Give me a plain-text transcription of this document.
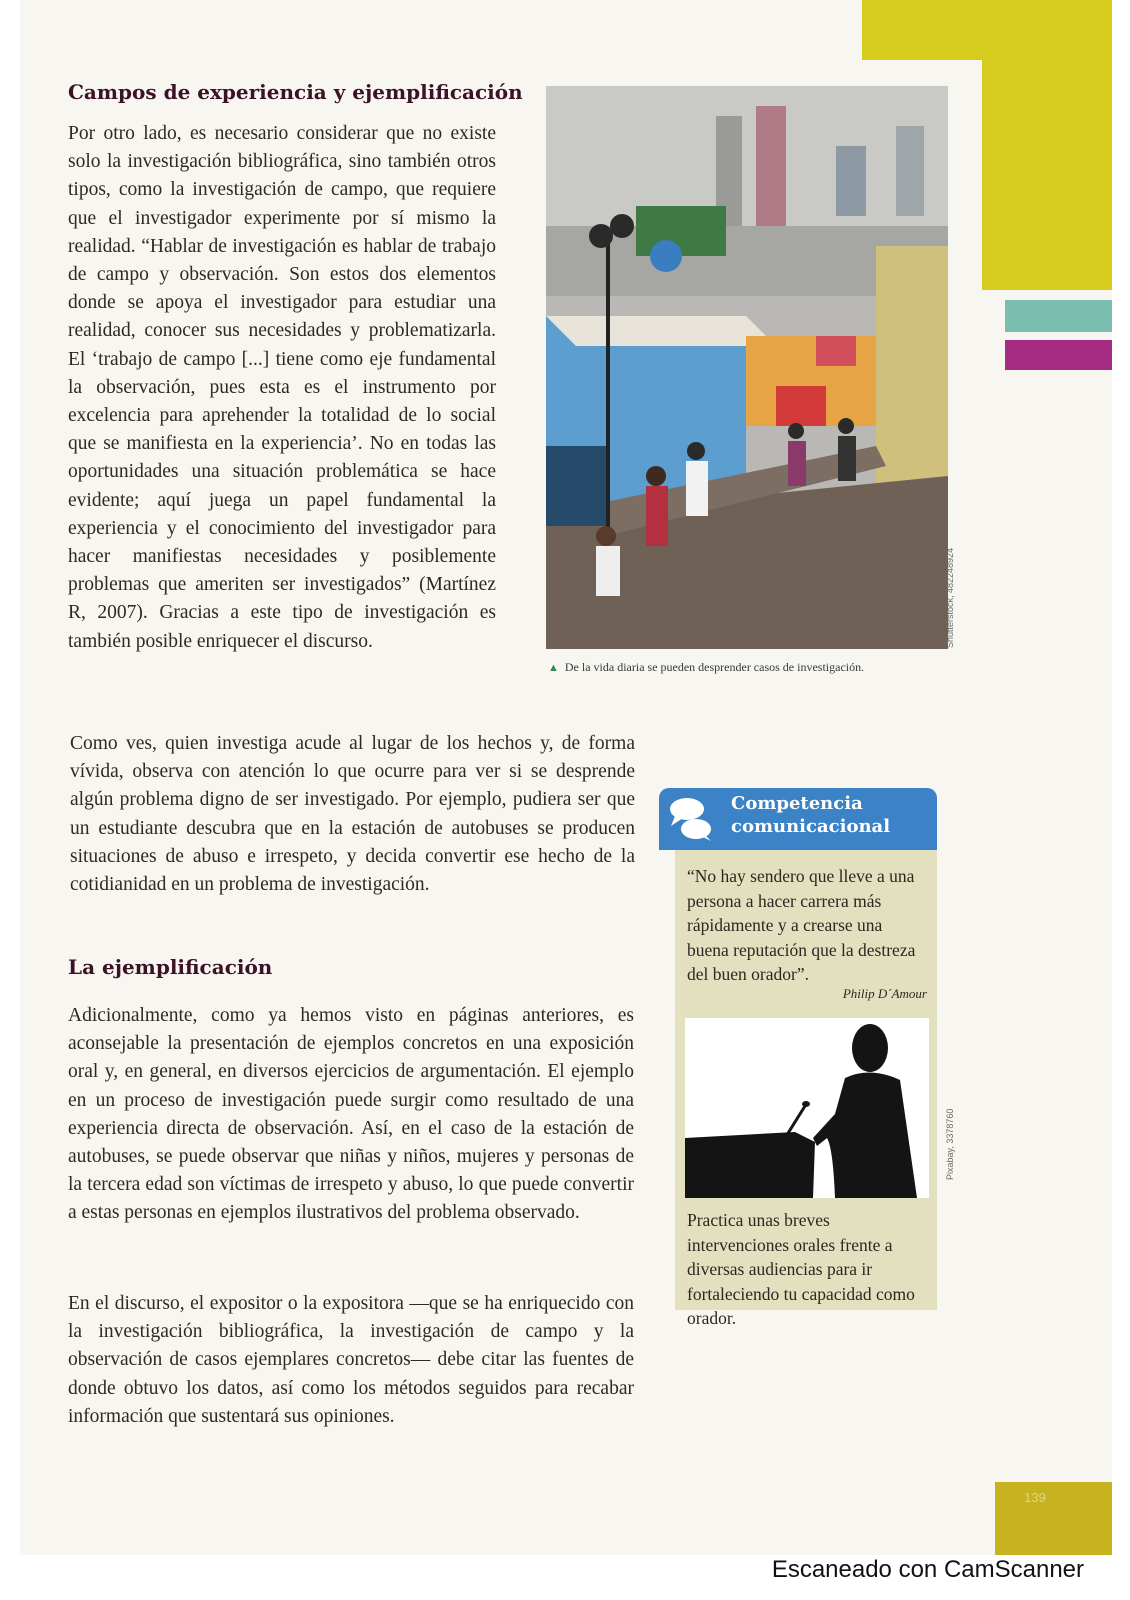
139
Campos de experiencia y ejemplificación

Por otro lado, es necesario considerar que no existe solo la investigación bibliográfica, sino también otros tipos, como la investigación de campo, que requiere que el investigador experimente por sí mismo la realidad. “Hablar de investigación es hablar de trabajo de campo y observación. Son estos dos elementos donde se apoya el investigador para estudiar una realidad, conocer sus necesidades y problematizarla. El ‘trabajo de campo [...] tiene como eje fundamental la observación, pues esta es el instrumento por excelencia para aprehender la totalidad de lo social que se manifiesta en la experiencia’. No en todas las oportunidades una situación problemática se hace evidente; aquí juega un papel fundamental la experiencia y el conocimiento del investigador para hacer manifiestas necesidades y posiblemente problemas que ameriten ser investigados” (Martínez R, 2007). Gracias a este tipo de investigación es también posible enriquecer el discurso.	Shutterstock, 482248924
▲ De la vida diaria se pueden desprender casos de investigación.

Como ves, quien investiga acude al lugar de los hechos y, de forma vívida, observa con atención lo que ocurre para ver si se desprende algún problema digno de ser investigado. Por ejemplo, pudiera ser que un estudiante descubra que en la estación de autobuses se producen situaciones de abuso e irrespeto, y decida convertir ese hecho de la cotidianidad en un problema de investigación.

Competencia
comunicacional
“No hay sendero que lleve a una persona a hacer carrera más rápidamente y a crearse una buena reputación que la destreza del buen orador”.
Philip D´Amour
Practica unas breves intervenciones orales frente a diversas audiencias para ir fortaleciendo tu capacidad como orador.
Pixabay, 3378760
La ejemplificación

Adicionalmente, como ya hemos visto en páginas anteriores, es aconsejable la presentación de ejemplos concretos en una exposición oral y, en general, en diversos ejercicios de argumentación. El ejemplo en un proceso de investigación puede surgir como resultado de una experiencia directa de observación. Así, en el caso de la estación de autobuses, se puede observar que niñas y niños, mujeres y personas de la tercera edad son víctimas de irrespeto y abuso, lo que puede convertir a estas personas en ejemplos ilustrativos del problema observado.

En el discurso, el expositor o la expositora —que se ha enriquecido con la investigación bibliográfica, la investigación de campo y la observación de casos ejemplares concretos— debe citar las fuentes de donde obtuvo los datos, así como los métodos seguidos para recabar información que sustentará sus opiniones.

Escaneado con CamScanner
